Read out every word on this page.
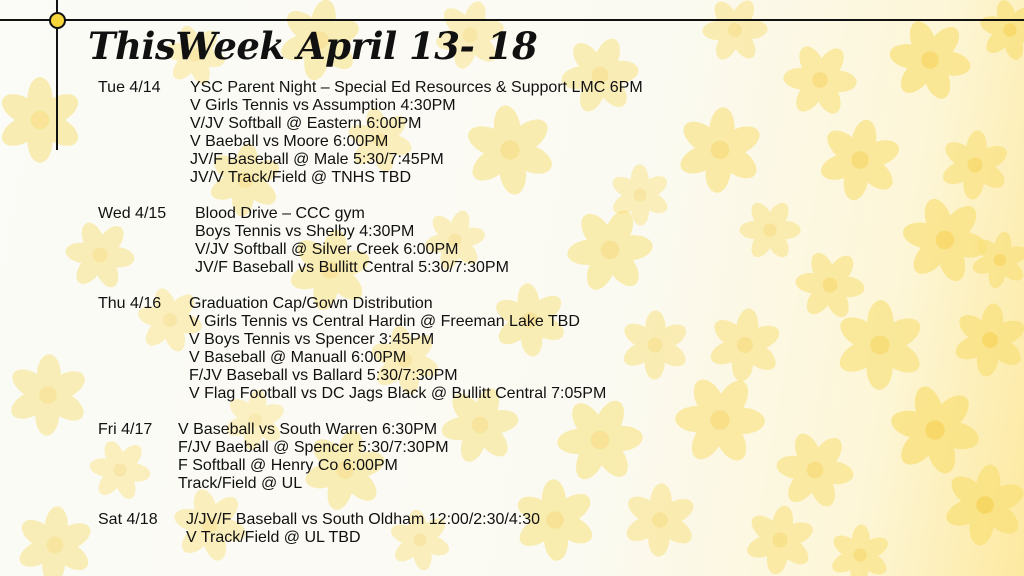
ThisWeek April 13- 18
Tue 4/14	YSC Parent Night – Special Ed Resources & Support LMC 6PM
V Girls Tennis vs Assumption 4:30PM
V/JV Softball @ Eastern 6:00PM
V Baeball vs Moore 6:00PM
JV/F Baseball @ Male 5:30/7:45PM
JV/V Track/Field @ TNHS TBD
Wed 4/15	Blood Drive – CCC gym
Boys Tennis vs Shelby 4:30PM
V/JV Softball @ Silver Creek 6:00PM
JV/F Baseball vs Bullitt Central 5:30/7:30PM
Thu 4/16	Graduation Cap/Gown Distribution
V Girls Tennis vs Central Hardin @ Freeman Lake TBD
V Boys Tennis vs Spencer 3:45PM
V Baseball @ Manuall 6:00PM
F/JV Baseball vs Ballard 5:30/7:30PM
V Flag Football vs DC Jags Black @ Bullitt Central 7:05PM
Fri 4/17	V Baseball vs South Warren 6:30PM
F/JV Baeball @ Spencer 5:30/7:30PM
F Softball @ Henry Co 6:00PM
Track/Field @ UL
Sat 4/18	J/JV/F Baseball vs South Oldham 12:00/2:30/4:30
V Track/Field @ UL TBD
